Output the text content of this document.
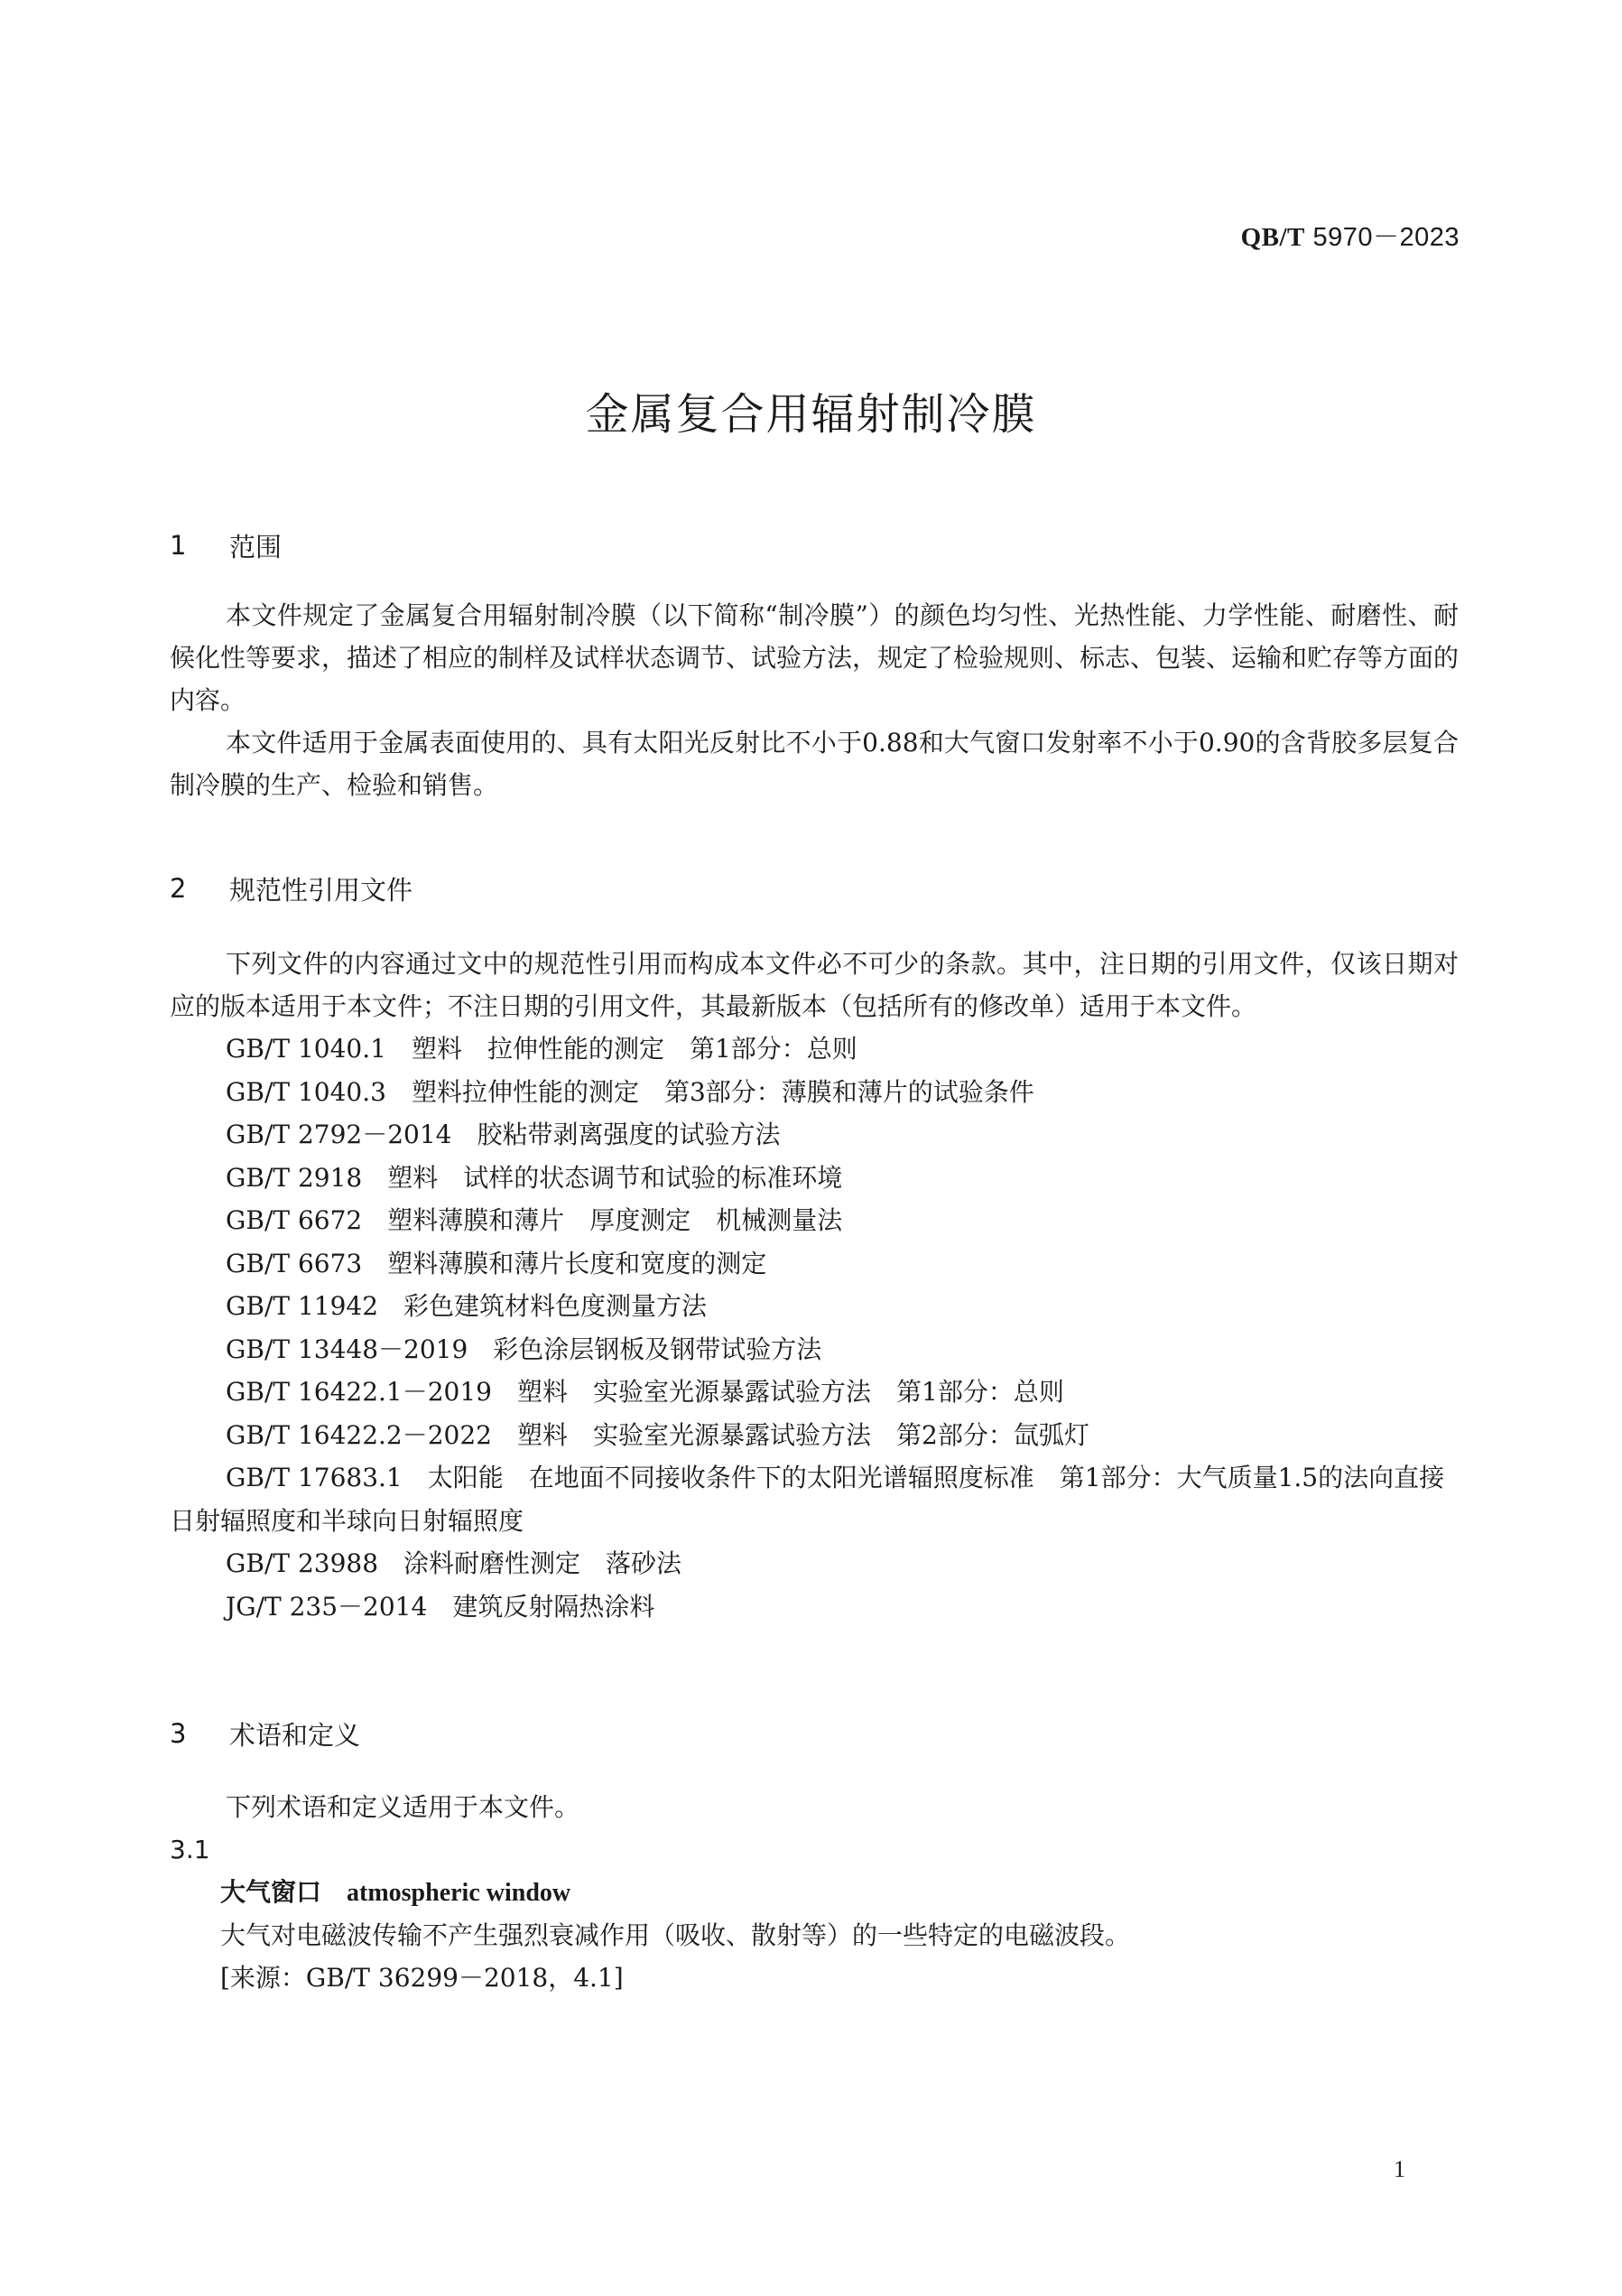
QB/T 5970－2023
金属复合用辐射制冷膜
1	范围

本文件规定了金属复合用辐射制冷膜（以下简称“制冷膜”）的颜色均匀性、光热性能、力学性能、耐磨性、耐候化性等要求，描述了相应的制样及试样状态调节、试验方法，规定了检验规则、标志、包装、运输和贮存等方面的内容。

本文件适用于金属表面使用的、具有太阳光反射比不小于0.88和大气窗口发射率不小于0.90的含背胶多层复合制冷膜的生产、检验和销售。

2	规范性引用文件

下列文件的内容通过文中的规范性引用而构成本文件必不可少的条款。其中，注日期的引用文件，仅该日期对应的版本适用于本文件；不注日期的引用文件，其最新版本（包括所有的修改单）适用于本文件。

GB/T 1040.1 塑料　拉伸性能的测定　第1部分：总则
GB/T 1040.3 塑料拉伸性能的测定　第3部分：薄膜和薄片的试验条件
GB/T 2792－2014 胶粘带剥离强度的试验方法
GB/T 2918 塑料　试样的状态调节和试验的标准环境
GB/T 6672 塑料薄膜和薄片　厚度测定　机械测量法
GB/T 6673 塑料薄膜和薄片长度和宽度的测定
GB/T 11942 彩色建筑材料色度测量方法
GB/T 13448－2019 彩色涂层钢板及钢带试验方法
GB/T 16422.1－2019 塑料　实验室光源暴露试验方法　第1部分：总则
GB/T 16422.2－2022 塑料　实验室光源暴露试验方法　第2部分：氙弧灯
GB/T 17683.1 太阳能　在地面不同接收条件下的太阳光谱辐照度标准　第1部分：大气质量1.5的法向直接日射辐照度和半球向日射辐照度
GB/T 23988 涂料耐磨性测定　落砂法
JG/T 235－2014 建筑反射隔热涂料
3	术语和定义

下列术语和定义适用于本文件。

3.1
大气窗口 atmospheric window
大气对电磁波传输不产生强烈衰减作用（吸收、散射等）的一些特定的电磁波段。
[来源：GB/T 36299－2018，4.1]
1
